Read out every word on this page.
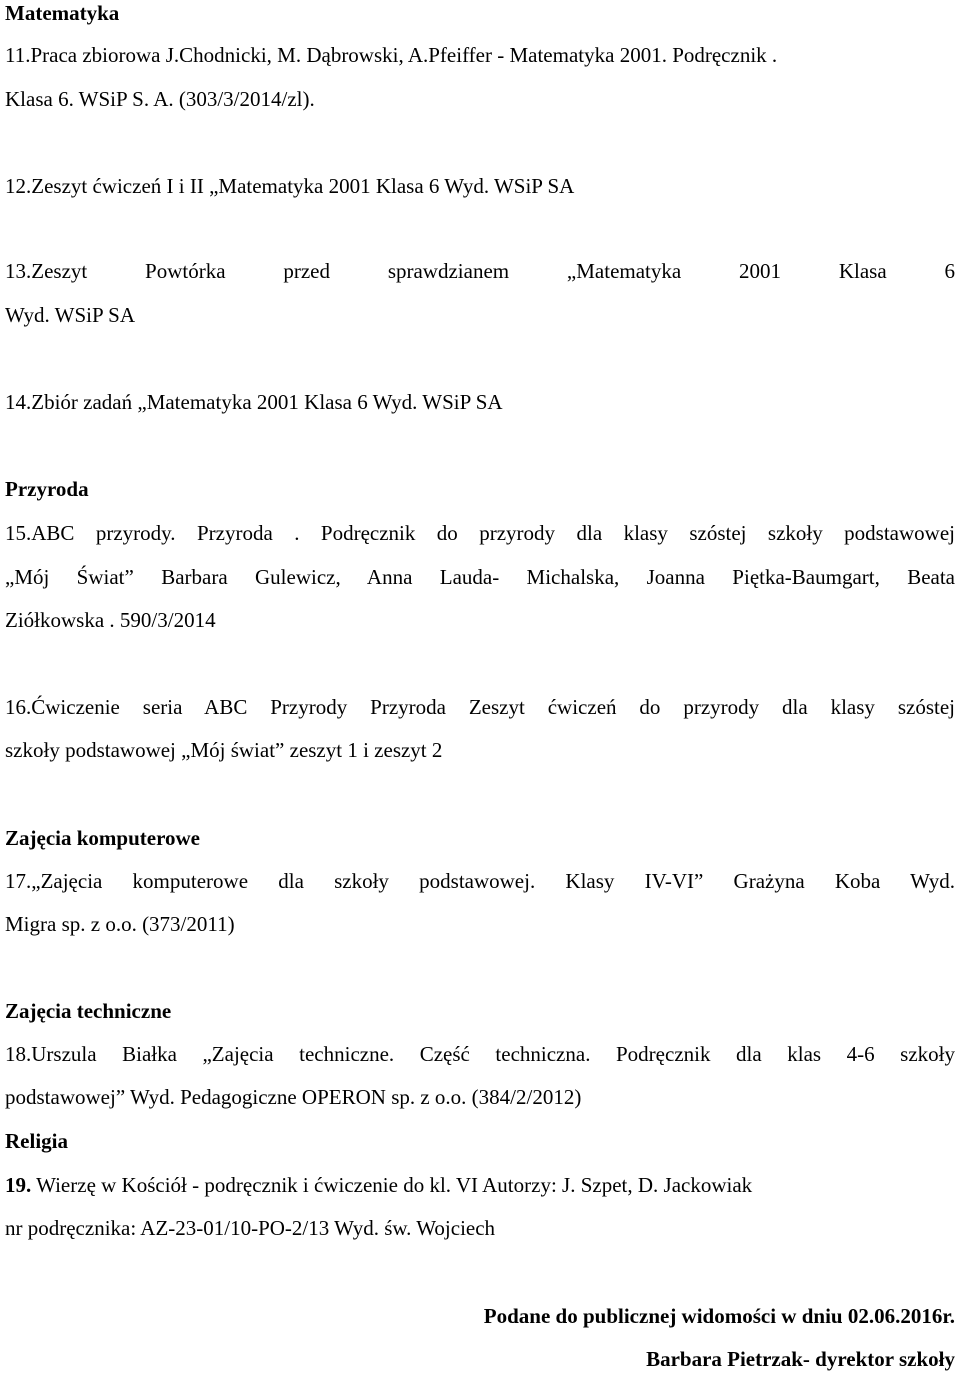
Matematyka
11.Praca zbiorowa J.Chodnicki, M. Dąbrowski, A.Pfeiffer - Matematyka 2001. Podręcznik .
Klasa 6. WSiP S. A. (303/3/2014/zl).
12.Zeszyt ćwiczeń I i II „Matematyka 2001 Klasa 6 Wyd. WSiP SA
13.Zeszyt Powtórka przed sprawdzianem „Matematyka 2001 Klasa 6
Wyd. WSiP SA
14.Zbiór zadań „Matematyka 2001 Klasa 6 Wyd. WSiP SA
Przyroda
15.ABC przyrody. Przyroda . Podręcznik do przyrody dla klasy szóstej szkoły podstawowej
„Mój Świat” Barbara Gulewicz, Anna Lauda- Michalska, Joanna Piętka-Baumgart, Beata
Ziółkowska . 590/3/2014
16.Ćwiczenie seria ABC Przyrody Przyroda Zeszyt ćwiczeń do przyrody dla klasy szóstej
szkoły podstawowej „Mój świat” zeszyt 1 i zeszyt 2
Zajęcia komputerowe
17.„Zajęcia komputerowe dla szkoły podstawowej. Klasy IV-VI” Grażyna Koba Wyd.
Migra sp. z o.o. (373/2011)
Zajęcia techniczne
18.Urszula Białka „Zajęcia techniczne. Część techniczna. Podręcznik dla klas 4-6 szkoły
podstawowej” Wyd. Pedagogiczne OPERON sp. z o.o. (384/2/2012)
Religia
19. Wierzę w Kościół - podręcznik i ćwiczenie do kl. VI Autorzy: J. Szpet, D. Jackowiak
nr podręcznika: AZ-23-01/10-PO-2/13 Wyd. św. Wojciech
Podane do publicznej widomości w dniu 02.06.2016r.
Barbara Pietrzak- dyrektor szkoły
